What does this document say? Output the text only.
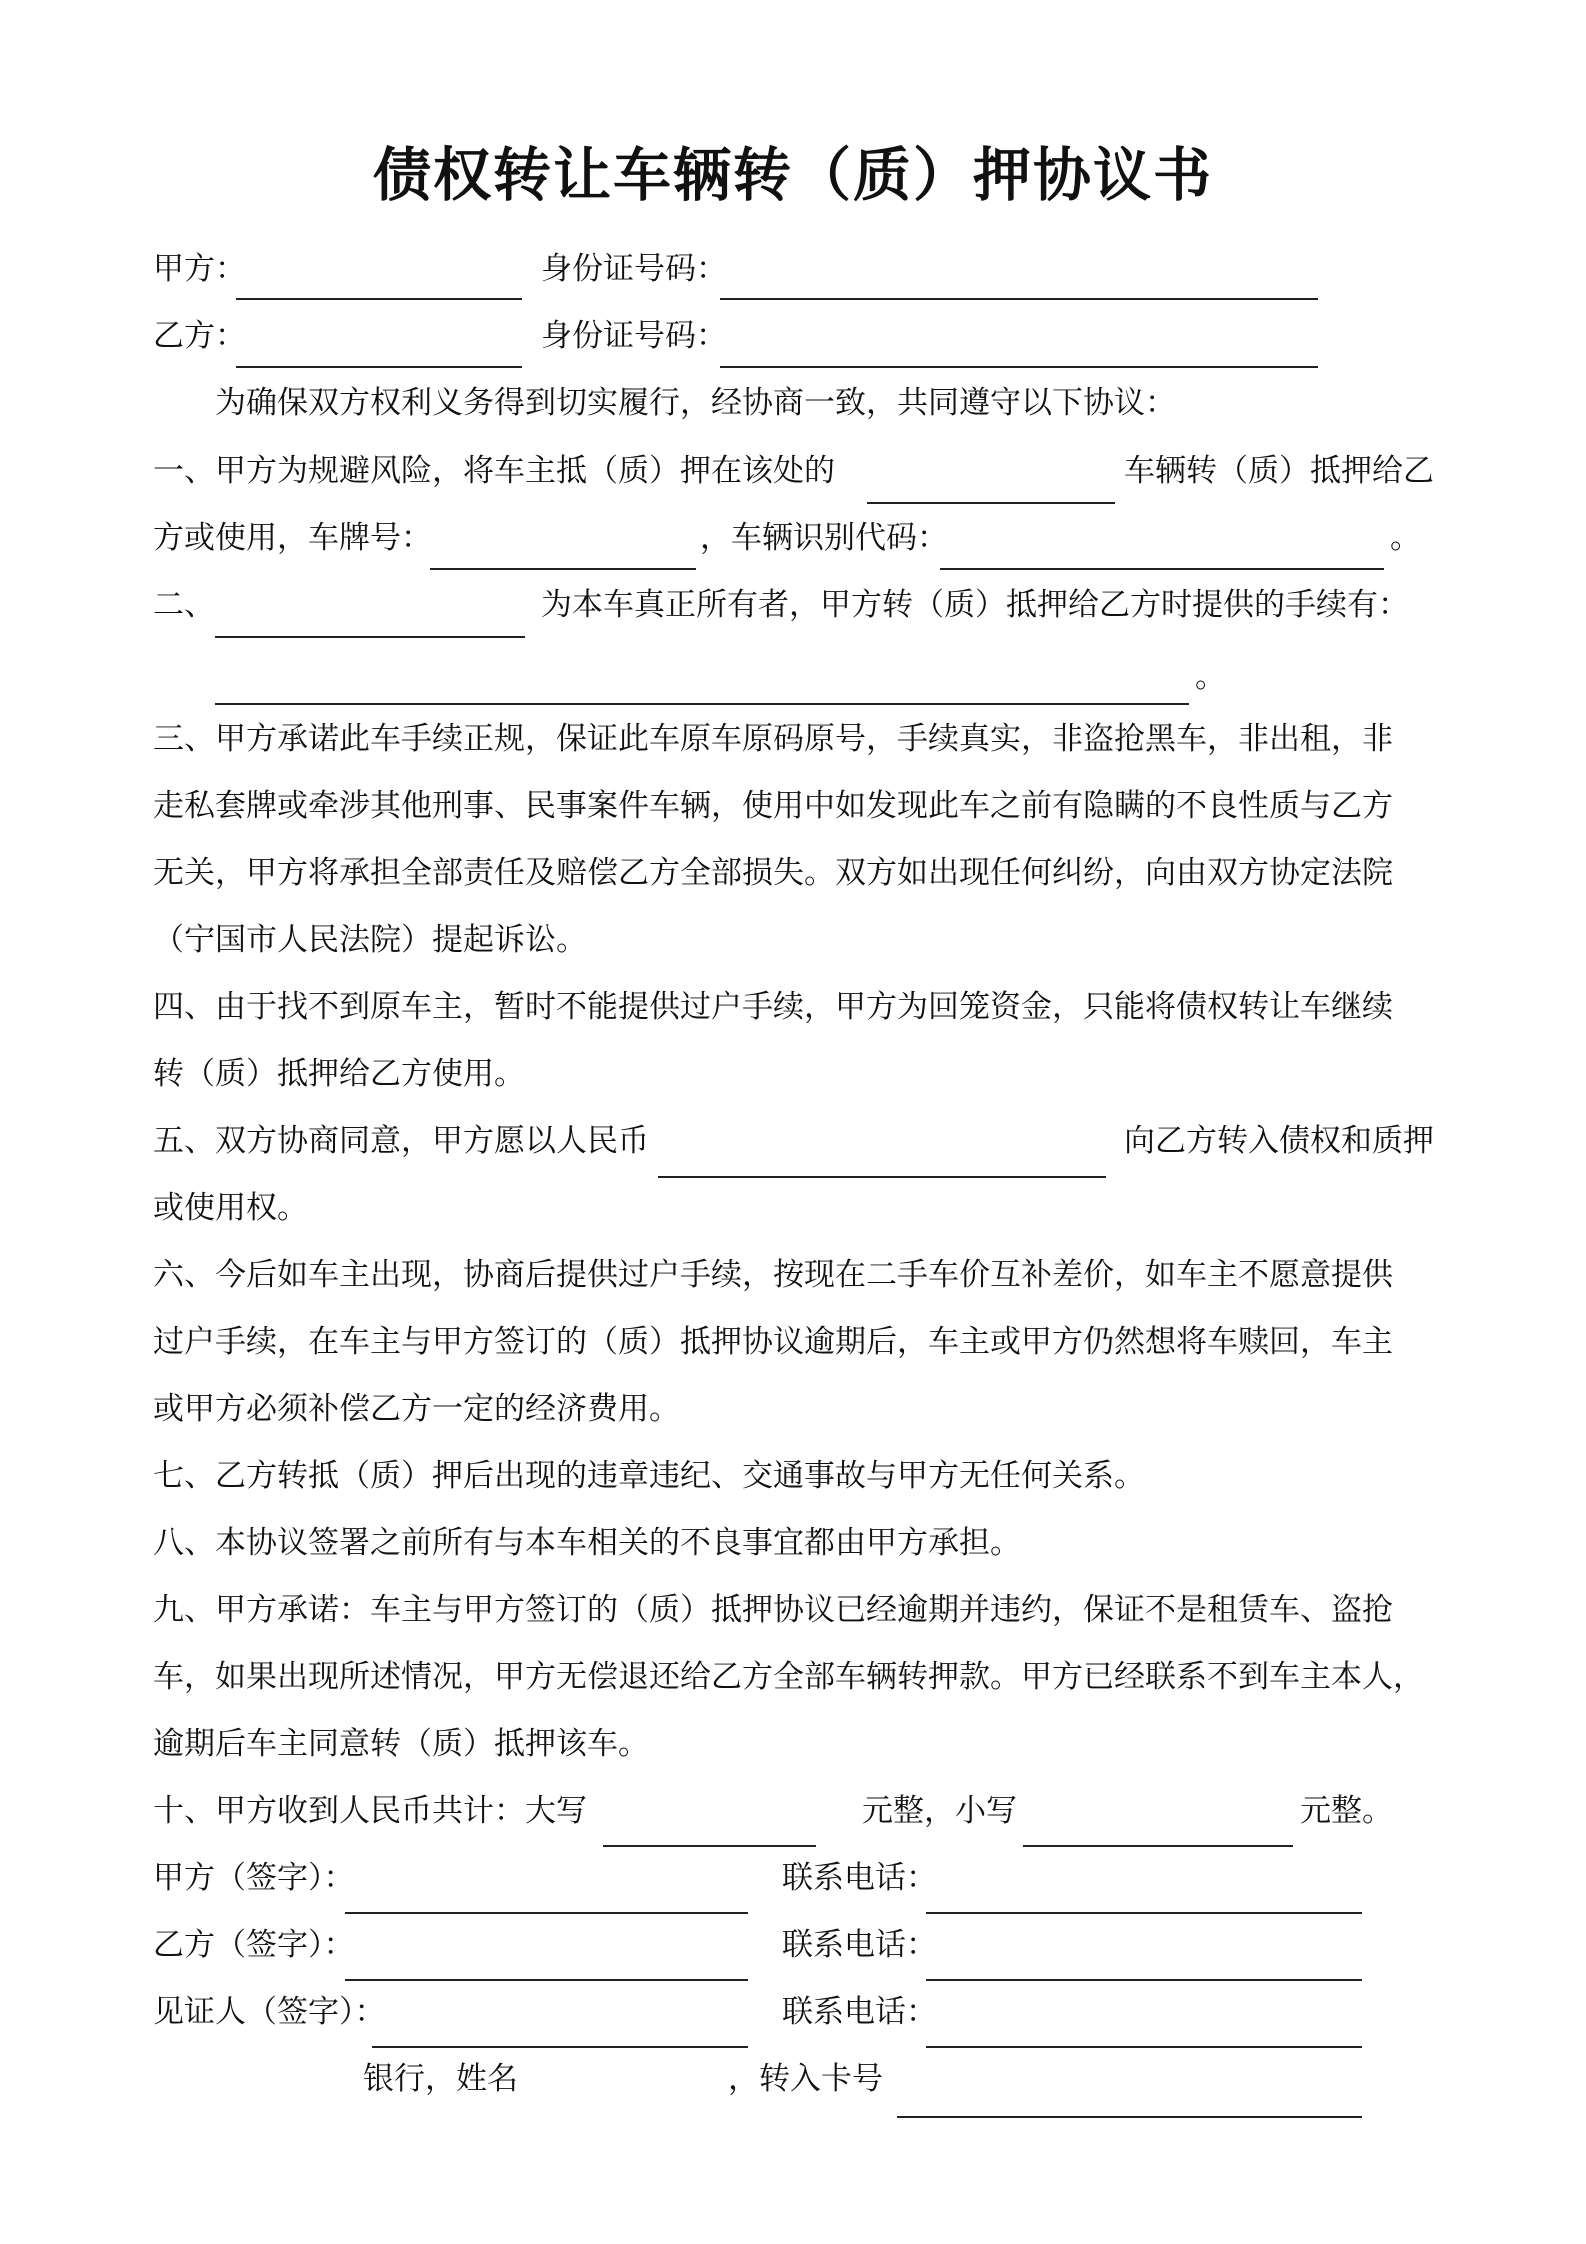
债权转让车辆转（质）押协议书
甲方：	身份证号码：
乙方：	身份证号码：
为确保双方权利义务得到切实履行，经协商一致，共同遵守以下协议：
一、甲方为规避风险，将车主抵（质）押在该处的	车辆转（质）抵押给乙
方或使用，车牌号：	，车辆识别代码：	。
二、	为本车真正所有者，甲方转（质）抵押给乙方时提供的手续有：
。
三、甲方承诺此车手续正规，保证此车原车原码原号，手续真实，非盗抢黑车，非出租，非
走私套牌或牵涉其他刑事、民事案件车辆，使用中如发现此车之前有隐瞒的不良性质与乙方
无关，甲方将承担全部责任及赔偿乙方全部损失。双方如出现任何纠纷，向由双方协定法院
（宁国市人民法院）提起诉讼。
四、由于找不到原车主，暂时不能提供过户手续，甲方为回笼资金，只能将债权转让车继续
转（质）抵押给乙方使用。
五、双方协商同意，甲方愿以人民币	向乙方转入债权和质押
或使用权。
六、今后如车主出现，协商后提供过户手续，按现在二手车价互补差价，如车主不愿意提供
过户手续，在车主与甲方签订的（质）抵押协议逾期后，车主或甲方仍然想将车赎回，车主
或甲方必须补偿乙方一定的经济费用。
七、乙方转抵（质）押后出现的违章违纪、交通事故与甲方无任何关系。
八、本协议签署之前所有与本车相关的不良事宜都由甲方承担。
九、甲方承诺：车主与甲方签订的（质）抵押协议已经逾期并违约，保证不是租赁车、盗抢
车，如果出现所述情况，甲方无偿退还给乙方全部车辆转押款。甲方已经联系不到车主本人，
逾期后车主同意转（质）抵押该车。
十、甲方收到人民币共计：大写	元整，小写	元整。
甲方（签字）：	联系电话：
乙方（签字）：	联系电话：
见证人（签字）：	联系电话：
银行，姓名	，转入卡号
